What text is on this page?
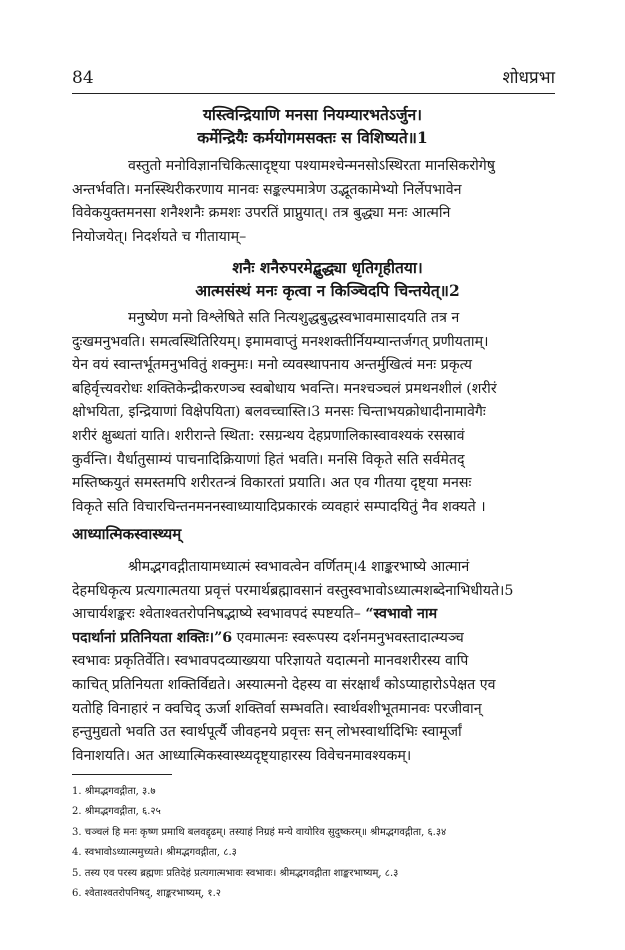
84	शोधप्रभा
यस्त्विन्द्रियाणि मनसा नियम्यारभतेऽर्जुन।
कर्मेन्द्रियैः कर्मयोगमसक्तः स विशिष्यते॥1
वस्तुतो मनोविज्ञानचिकित्सादृष्ट्या पश्यामश्चेन्मनसोऽस्थिरता मानसिकरोगेषु
अन्तर्भवति। मनस्स्थिरीकरणाय मानवः सङ्कल्पमात्रेण उद्भूतकामेभ्यो निर्लेपभावेन
विवेकयुक्तमनसा शनैश्शनैः क्रमशः उपरतिं प्राप्नुयात्। तत्र बुद्ध्या मनः आत्मनि
नियोजयेत्। निदर्शयते च गीतायाम्–
शनैः शनैरुपरमेद्बुद्ध्या धृतिगृहीतया।
आत्मसंस्थं मनः कृत्वा न किञ्चिदपि चिन्तयेत्॥2
मनुष्येण मनो विश्लेषिते सति नित्यशुद्धबुद्धस्वभावमासादयति तत्र न
दुःखमनुभवति। समत्वस्थितिरियम्। इमामवाप्तुं मनश्शक्तीर्नियम्यान्तर्जगत् प्रणीयताम्।
येन वयं स्वान्तर्भूतमनुभवितुं शक्नुमः। मनो व्यवस्थापनाय अन्तर्मुखित्वं मनः प्रकृत्य
बहिर्वृत्त्यवरोधः शक्तिकेन्द्रीकरणञ्च स्वबोधाय भवन्ति। मनश्चञ्चलं प्रमथनशीलं (शरीरं
क्षोभयिता, इन्द्रियाणां विक्षेपयिता) बलवच्चास्ति।3 मनसः चिन्ताभयक्रोधादीनामावेगैः
शरीरं क्षुब्धतां याति। शरीरान्ते स्थिता: रसग्रन्थय देहप्रणालिकास्वावश्यकं रसस्रावं
कुर्वन्ति। यैर्धातुसाम्यं पाचनादिक्रियाणां हितं भवति। मनसि विकृते सति सर्वमेतद्
मस्तिष्कयुतं समस्तमपि शरीरतन्त्रं विकारतां प्रयाति। अत एव गीतया दृष्ट्या मनसः
विकृते सति विचारचिन्तनमननस्वाध्यायादिप्रकारकं व्यवहारं सम्पादयितुं नैव शक्यते ।
आध्यात्मिकस्वास्थ्यम्
श्रीमद्भगवद्गीतायामध्यात्मं स्वभावत्वेन वर्णितम्।4 शाङ्करभाष्ये आत्मानं
देहमधिकृत्य प्रत्यगात्मतया प्रवृत्तं परमार्थब्रह्मावसानं वस्तुस्वभावोऽध्यात्मशब्देनाभिधीयते।5
आचार्यशङ्करः श्वेताश्वतरोपनिषद्भाष्ये स्वभावपदं स्पष्टयति– “स्वभावो नाम
पदार्थानां प्रतिनियता शक्तिः।”6 एवमात्मनः स्वरूपस्य दर्शनमनुभवस्तादात्म्यञ्च
स्वभावः प्रकृतिर्वेति। स्वभावपदव्याख्यया परिज्ञायते यदात्मनो मानवशरीरस्य वापि
काचित् प्रतिनियता शक्तिर्विद्यते। अस्यात्मनो देहस्य वा संरक्षार्थं कोऽप्याहारोऽपेक्षत एव
यतोहि विनाहारं न क्वचिद् ऊर्जा शक्तिर्वा सम्भवति। स्वार्थवशीभूतमानवः परजीवान्
हन्तुमुद्यतो भवति उत स्वार्थपूर्त्यै जीवहनये प्रवृत्तः सन् लोभस्वार्थादिभिः स्वामूर्जां
विनाशयति। अत आध्यात्मिकस्वास्थ्यदृष्ट्याहारस्य विवेचनमावश्यकम्।
1. श्रीमद्भगवद्गीता, ३.७
2. श्रीमद्भगवद्गीता, ६.२५
3. चञ्चलं हि मनः कृष्ण प्रमाथि बलवद्दृढम्। तस्याहं निग्रहं मन्ये वायोरिव सुदुष्करम्॥ श्रीमद्भगवद्गीता, ६.३४
4. स्वभावोऽध्यात्ममुच्यते। श्रीमद्भगवद्गीता, ८.३
5. तस्य एव परस्य ब्रह्मणः प्रतिदेहं प्रत्यगात्मभावः स्वभावः। श्रीमद्भगवद्गीता शाङ्करभाष्यम्, ८.३
6. श्वेताश्वतरोपनिषद्, शाङ्करभाष्यम्, १.२
